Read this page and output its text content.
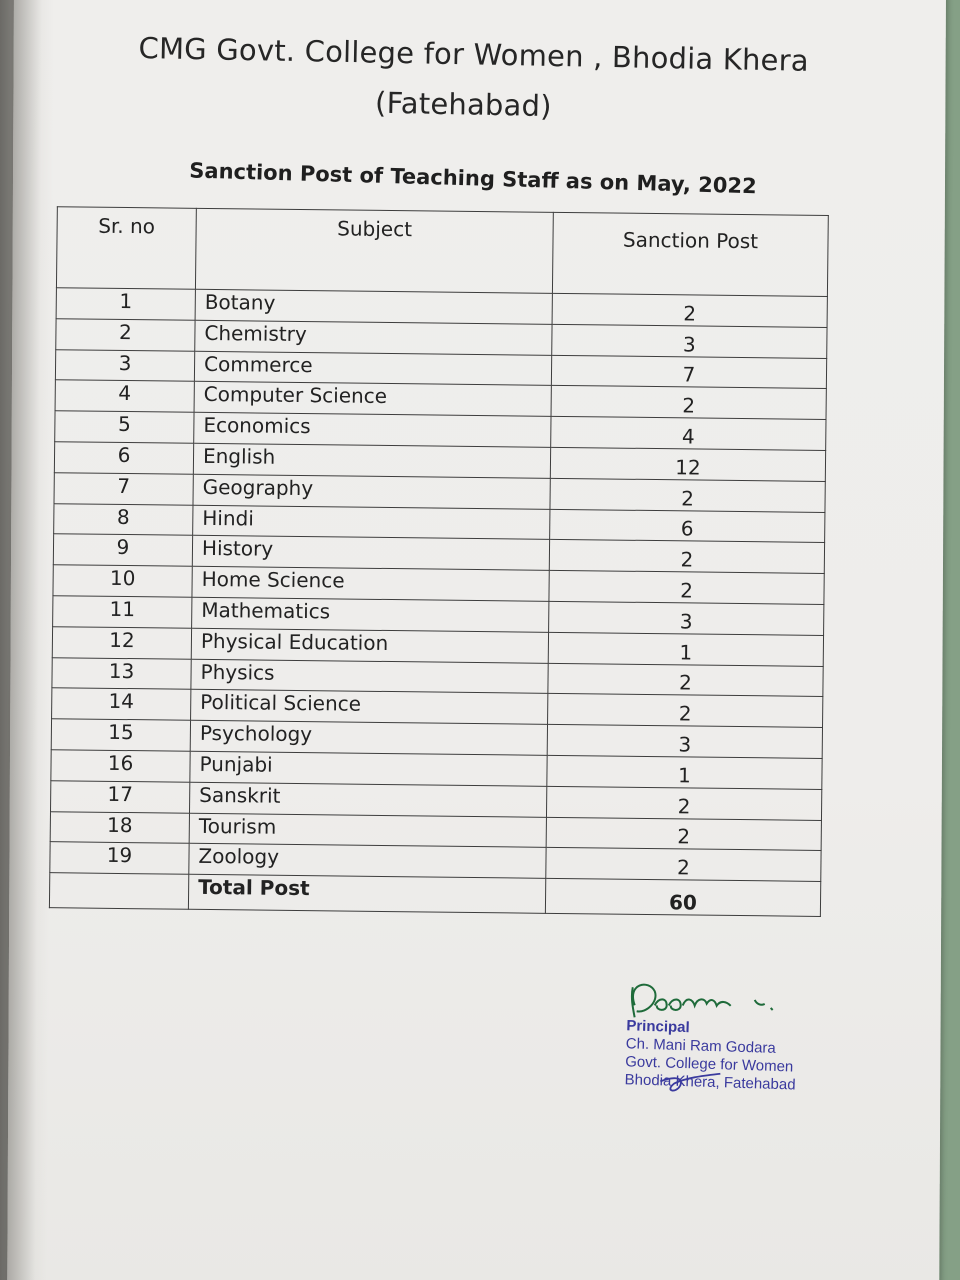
CMG Govt. College for Women , Bhodia Khera
(Fatehabad)
Sanction Post of Teaching Staff as on May, 2022
Sr. no	Subject	Sanction Post
1	Botany	2
2	Chemistry	3
3	Commerce	7
4	Computer Science	2
5	Economics	4
6	English	12
7	Geography	2
8	Hindi	6
9	History	2
10	Home Science	2
11	Mathematics	3
12	Physical Education	1
13	Physics	2
14	Political Science	2
15	Psychology	3
16	Punjabi	1
17	Sanskrit	2
18	Tourism	2
19	Zoology	2
	Total Post	60
Principal
Ch. Mani Ram Godara
Govt. College for Women
Bhodia Khera, Fatehabad
